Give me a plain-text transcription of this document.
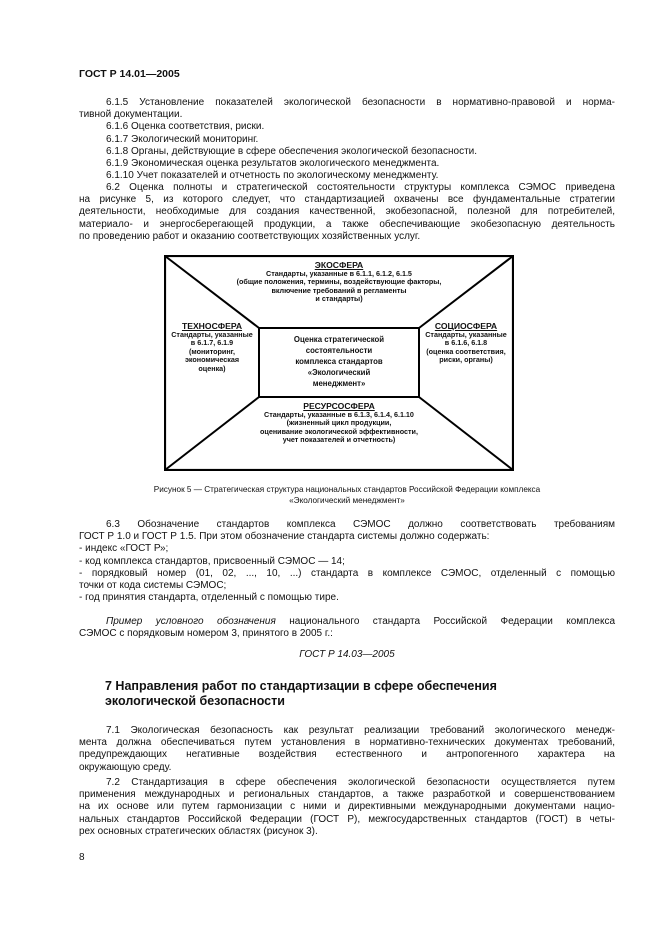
ГОСТ Р 14.01—2005
6.1.5 Установление показателей экологической безопасности в нормативно-правовой и норма-
тивной документации.
6.1.6 Оценка соответствия, риски.
6.1.7 Экологический мониторинг.
6.1.8 Органы, действующие в сфере обеспечения экологической безопасности.
6.1.9 Экономическая оценка результатов экологического менеджмента.
6.1.10 Учет показателей и отчетность по экологическому менеджменту.
6.2 Оценка полноты и стратегической состоятельности структуры комплекса СЭМОС приведена
на рисунке 5, из которого следует, что стандартизацией охвачены все фундаментальные стратегии
деятельности, необходимые для создания качественной, экобезопасной, полезной для потребителей,
материало- и энергосберегающей продукции, а также обеспечивающие экобезопасную деятельность
по проведению работ и оказанию соответствующих хозяйственных услуг.
ЭКОСФЕРА
Стандарты, указанные в 6.1.1, 6.1.2, 6.1.5
(общие положения, термины, воздействующие факторы,
включение требований в регламенты
и стандарты)
ТЕХНОСФЕРА
Стандарты, указанные
в 6.1.7, 6.1.9
(мониторинг,
экономическая
оценка)
СОЦИОСФЕРА
Стандарты, указанные
в 6.1.6, 6.1.8
(оценка соответствия,
риски, органы)
Оценка стратегической
состоятельности
комплекса стандартов
«Экологический
менеджмент»
РЕСУРСОСФЕРА
Стандарты, указанные в 6.1.3, 6.1.4, 6.1.10
(жизненный цикл продукции,
оценивание экологической эффективности,
учет показателей и отчетность)
Рисунок 5 — Стратегическая структура национальных стандартов Российской Федерации комплекса
«Экологический менеджмент»
6.3 Обозначение стандартов комплекса СЭМОС должно соответствовать требованиям
ГОСТ Р 1.0 и ГОСТ Р 1.5. При этом обозначение стандарта системы должно содержать:
- индекс «ГОСТ Р»;
- код комплекса стандартов, присвоенный СЭМОС — 14;
- порядковый номер (01, 02, ..., 10, ...) стандарта в комплексе СЭМОС, отделенный с помощью
точки от кода системы СЭМОС;
- год принятия стандарта, отделенный с помощью тире.
Пример условного обозначения национального стандарта Российской Федерации комплекса
СЭМОС с порядковым номером 3, принятого в 2005 г.:
ГОСТ Р 14.03—2005
7 Направления работ по стандартизации в сфере обеспечения
экологической безопасности
7.1 Экологическая безопасность как результат реализации требований экологического менедж-
мента должна обеспечиваться путем установления в нормативно-технических документах требований,
предупреждающих негативные воздействия естественного и антропогенного характера на
окружающую среду.
7.2 Стандартизация в сфере обеспечения экологической безопасности осуществляется путем
применения международных и региональных стандартов, а также разработкой и совершенствованием
на их основе или путем гармонизации с ними и директивными международными документами нацио-
нальных стандартов Российской Федерации (ГОСТ Р), межгосударственных стандартов (ГОСТ) в четы-
рех основных стратегических областях (рисунок 3).
8
